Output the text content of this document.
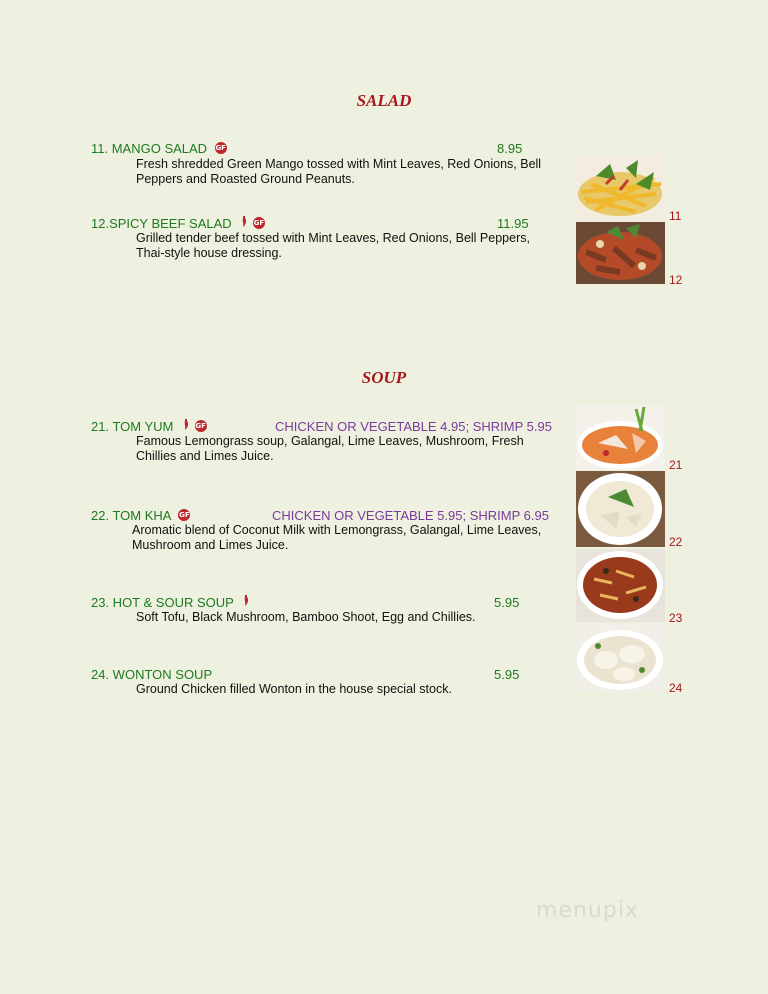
SALAD
11. MANGO SALAD GF	8.95
Fresh shredded Green Mango tossed with Mint Leaves, Red Onions, Bell
Peppers and Roasted Ground Peanuts.
12.SPICY BEEF SALAD	GF	11.95
Grilled tender beef tossed with Mint Leaves, Red Onions, Bell Peppers,
Thai-style house dressing.
11
12
SOUP
21. TOM YUM	GF	CHICKEN OR VEGETABLE 4.95; SHRIMP 5.95
Famous Lemongrass soup, Galangal, Lime Leaves, Mushroom, Fresh
Chillies and Limes Juice.
22. TOM KHA GF	CHICKEN OR VEGETABLE 5.95; SHRIMP 6.95
Aromatic blend of Coconut Milk with Lemongrass, Galangal, Lime Leaves,
Mushroom and Limes Juice.
23. HOT & SOUR SOUP	5.95
Soft Tofu, Black Mushroom, Bamboo Shoot, Egg and Chillies.
24. WONTON SOUP	5.95
Ground Chicken filled Wonton in the house special stock.
21
22
23
24
menupix
